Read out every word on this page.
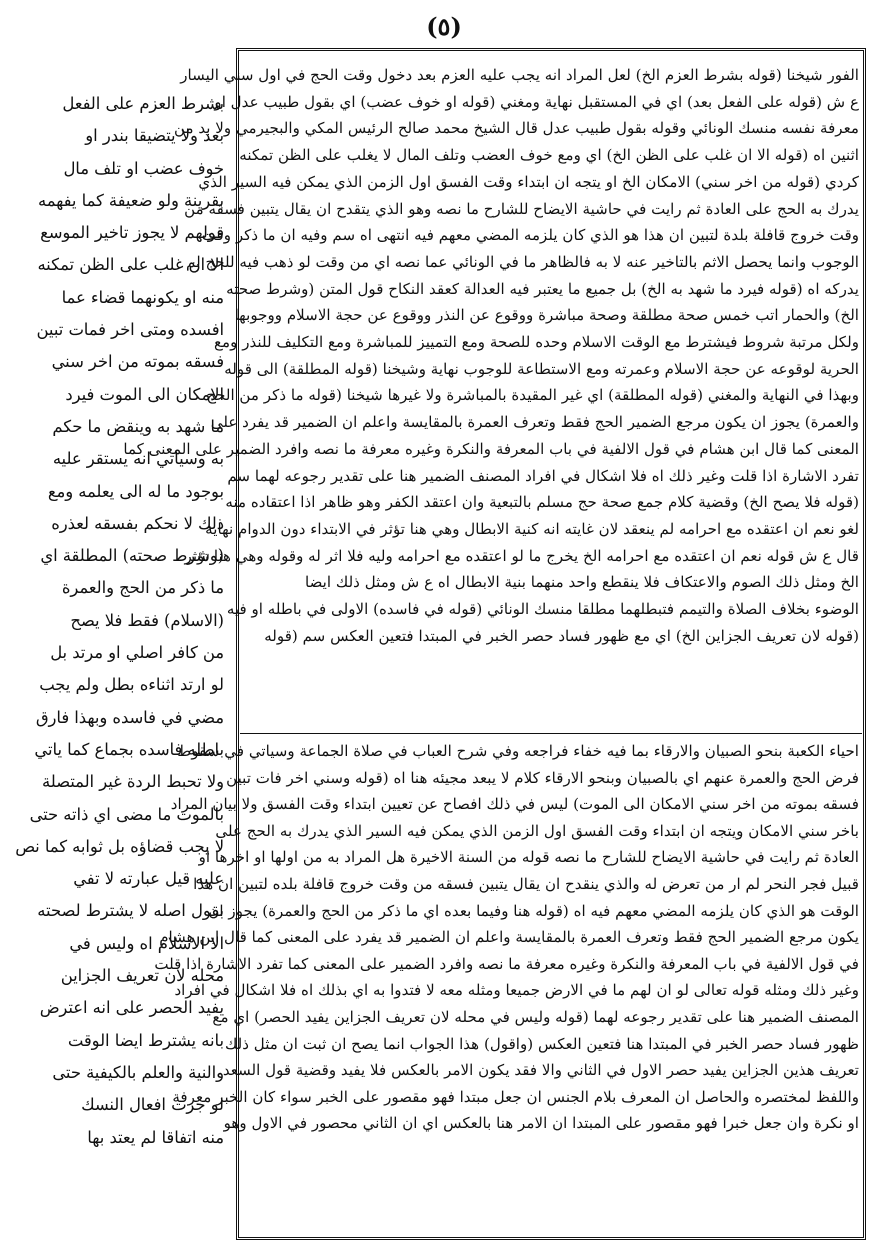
(٥)
الفور شيخنا (قوله بشرط العزم الخ) لعل المراد انه يجب عليه العزم بعد دخول وقت الحج في اول سني اليسار
ع ش (قوله على الفعل بعد) اي في المستقبل نهاية ومغني (قوله او خوف عضب) اي بقول طبيب عدل او
معرفة نفسه منسك الونائي وقوله بقول طبيب عدل قال الشيخ محمد صالح الرئيس المكي والبجيرمي ولا بد من
اثنين اه (قوله الا ان غلب على الظن الخ) اي ومع خوف العضب وتلف المال لا يغلب على الظن تمكنه
كردي (قوله من اخر سني) الامكان الخ او يتجه ان ابتداء وقت الفسق اول الزمن الذي يمكن فيه السير الذي
يدرك به الحج على العادة ثم رايت في حاشية الايضاح للشارح ما نصه وهو الذي يتقدح ان يقال يتبين فسقه من
وقت خروج قافلة بلدة لتبين ان هذا هو الذي كان يلزمه المضي معهم فيه انتهى اه سم وفيه ان ما ذكر وقت
الوجوب وانما يحصل الاثم بالتاخير عنه لا به فالظاهر ما في الونائي عما نصه اي من وقت لو ذهب فيه للحج لم
يدركه اه (قوله فيرد ما شهد به الخ) بل جميع ما يعتبر فيه العدالة كعقد النكاح قول المتن (وشرط صحته
الخ) والحمار اتب خمس صحة مطلقة وصحة مباشرة ووقوع عن النذر ووقوع عن حجة الاسلام ووجوبها
ولكل مرتبة شروط فيشترط مع الوقت الاسلام وحده للصحة ومع التمييز للمباشرة ومع التكليف للنذر ومع
الحرية لوقوعه عن حجة الاسلام وعمرته ومع الاستطاعة للوجوب نهاية وشيخنا (قوله المطلقة) الى قوله
وبهذا في النهاية والمغني (قوله المطلقة) اي غير المقيدة بالمباشرة ولا غيرها شيخنا (قوله ما ذكر من الحج
والعمرة) يجوز ان يكون مرجع الضمير الحج فقط وتعرف العمرة بالمقايسة واعلم ان الضمير قد يفرد على
المعنى كما قال ابن هشام في قول الالفية في باب المعرفة والنكرة وغيره معرفة ما نصه وافرد الضمير على المعنى كما
تفرد الاشارة اذا قلت وغير ذلك اه فلا اشكال في افراد المصنف الضمير هنا على تقدير رجوعه لهما سم
(قوله فلا يصح الخ) وقضية كلام جمع صحة حج مسلم بالتبعية وان اعتقد الكفر وهو ظاهر اذا اعتقاده منه
لغو نعم ان اعتقده مع احرامه لم ينعقد لان غايته انه كنية الابطال وهي هنا تؤثر في الابتداء دون الدوام نهاية
قال ع ش قوله نعم ان اعتقده مع احرامه الخ يخرج ما لو اعتقده مع احرامه وليه فلا اثر له وقوله وهي هنا تؤثر
الخ ومثل ذلك الصوم والاعتكاف فلا ينقطع واحد منهما بنية الابطال اه ع ش ومثل ذلك ايضا
الوضوء بخلاف الصلاة والتيمم فتبطلهما مطلقا منسك الونائي (قوله في فاسده) الاولى في باطله او فيه
(قوله لان تعريف الجزاين الخ) اي مع ظهور فساد حصر الخبر في المبتدا فتعين العكس سم (قوله
احياء الكعبة بنحو الصبيان والارقاء بما فيه خفاء فراجعه وفي شرح العباب في صلاة الجماعة وسياتي في سقوط
فرض الحج والعمرة عنهم اي بالصبيان وبنحو الارقاء كلام لا يبعد مجيئه هنا اه (قوله وسني اخر فات تبين
فسقه بموته من اخر سني الامكان الى الموت) ليس في ذلك افصاح عن تعيين ابتداء وقت الفسق ولا بيان المراد
باخر سني الامكان ويتجه ان ابتداء وقت الفسق اول الزمن الذي يمكن فيه السير الذي يدرك به الحج على
العادة ثم رايت في حاشية الايضاح للشارح ما نصه قوله من السنة الاخيرة هل المراد به من اولها او اخرها او
قبيل فجر النحر لم ار من تعرض له والذي ينقدح ان يقال يتبين فسقه من وقت خروج قافلة بلده لتبين ان هذا
الوقت هو الذي كان يلزمه المضي معهم فيه اه (قوله هنا وفيما بعده اي ما ذكر من الحج والعمرة) يجوز ان
يكون مرجع الضمير الحج فقط وتعرف العمرة بالمقايسة واعلم ان الضمير قد يفرد على المعنى كما قال ابن هشام
في قول الالفية في باب المعرفة والنكرة وغيره معرفة ما نصه وافرد الضمير على المعنى كما تفرد الاشارة اذا قلت
وغير ذلك ومثله قوله تعالى لو ان لهم ما في الارض جميعا ومثله معه لا فتدوا به اي بذلك اه فلا اشكال في افراد
المصنف الضمير هنا على تقدير رجوعه لهما (قوله وليس في محله لان تعريف الجزاين يفيد الحصر) اي مع
ظهور فساد حصر الخبر في المبتدا هنا فتعين العكس (واقول) هذا الجواب انما يصح ان ثبت ان مثل ذلك
تعريف هذين الجزاين يفيد حصر الاول في الثاني والا فقد يكون الامر بالعكس فلا يفيد وقضية قول السعد
واللفظ لمختصره والحاصل ان المعرف بلام الجنس ان جعل مبتدا فهو مقصور على الخبر سواء كان الخبر معرفة
او نكرة وان جعل خبرا فهو مقصور على المبتدا ان الامر هنا بالعكس اي ان الثاني محصور في الاول وهو
بشرط العزم على الفعل
بعد ولا يتضيقا بندر او
خوف عضب او تلف مال
بقرينة ولو ضعيفة كما يفهمه
قولهم لا يجوز تاخير الموسع
الا ان غلب على الظن تمكنه
منه او يكونهما قضاء عما
افسده ومتى اخر فمات تبين
فسقه بموته من اخر سني
الامكان الى الموت فيرد
ما شهد به وينقض ما حكم
به وسياتي انه يستقر عليه
بوجود ما له الى يعلمه ومع
ذلك لا نحكم بفسقه لعذره
(وشرط صحته) المطلقة اي
ما ذكر من الحج والعمرة
(الاسلام) فقط فلا يصح
من كافر اصلي او مرتد بل
لو ارتد اثناءه بطل ولم يجب
مضي في فاسده وبهذا فارق
باطله فاسده بجماع كما ياتي
ولا تحبط الردة غير المتصلة
بالموت ما مضى اي ذاته حتى
لا يجب قضاؤه بل ثوابه كما نص
عليه قيل عبارته لا تفي
بقول اصله لا يشترط لصحته
الا الاسلام اه وليس في
محله لان تعريف الجزاين
يفيد الحصر على انه اعترض
بانه يشترط ايضا الوقت
والنية والعلم بالكيفية حتى
لو جرت افعال النسك
منه اتفاقا لم يعتد بها
